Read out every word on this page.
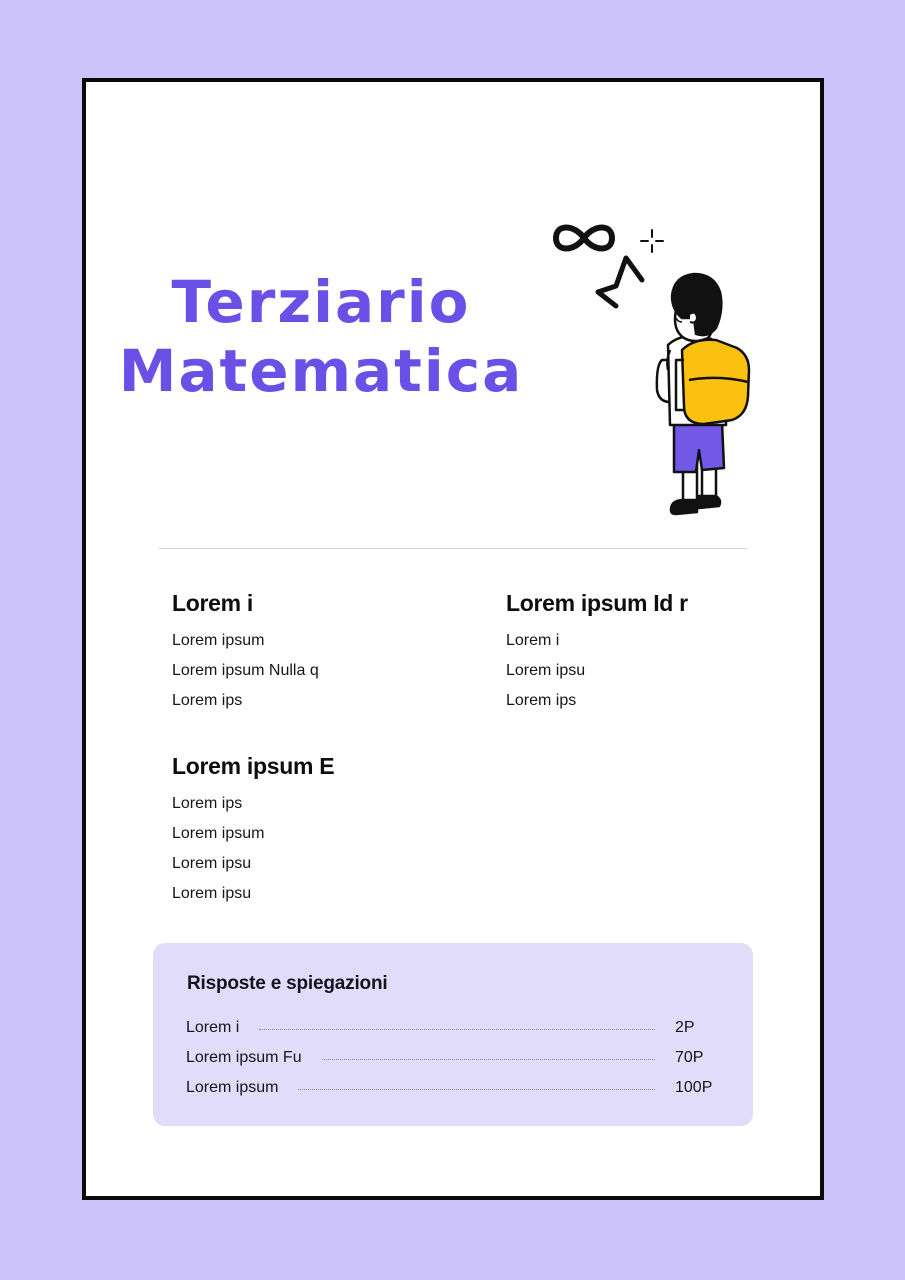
Terziario
Matematica
Lorem i
Lorem ipsum
Lorem ipsum Nulla q
Lorem ips
Lorem ipsum Id r
Lorem i
Lorem ipsu
Lorem ips
Lorem ipsum E
Lorem ips
Lorem ipsum
Lorem ipsu
Lorem ipsu
Risposte e spiegazioni
Lorem i	2P
Lorem ipsum Fu	70P
Lorem ipsum	100P
